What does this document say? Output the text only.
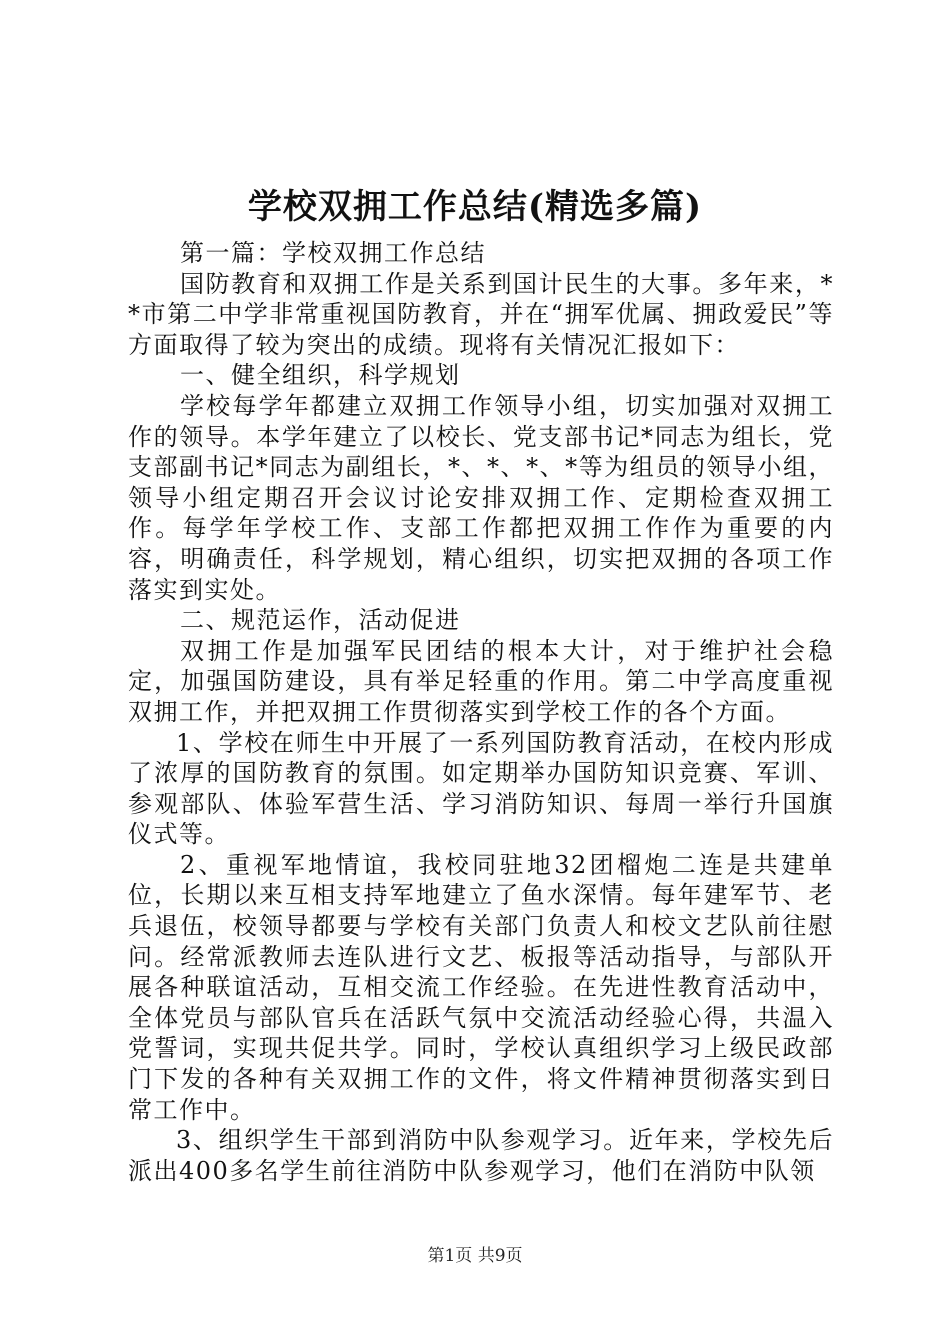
学校双拥工作总结(精选多篇)

第一篇：学校双拥工作总结

国防教育和双拥工作是关系到国计民生的大事。多年来，**市第二中学非常重视国防教育，并在“拥军优属、拥政爱民”等方面取得了较为突出的成绩。现将有关情况汇报如下：

一、健全组织，科学规划

学校每学年都建立双拥工作领导小组，切实加强对双拥工作的领导。本学年建立了以校长、党支部书记*同志为组长，党支部副书记*同志为副组长，*、*、*、*等为组员的领导小组，领导小组定期召开会议讨论安排双拥工作、定期检查双拥工作。每学年学校工作、支部工作都把双拥工作作为重要的内容，明确责任，科学规划，精心组织，切实把双拥的各项工作落实到实处。

二、规范运作，活动促进

双拥工作是加强军民团结的根本大计，对于维护社会稳定，加强国防建设，具有举足轻重的作用。第二中学高度重视双拥工作，并把双拥工作贯彻落实到学校工作的各个方面。

1、学校在师生中开展了一系列国防教育活动，在校内形成了浓厚的国防教育的氛围。如定期举办国防知识竞赛、军训、参观部队、体验军营生活、学习消防知识、每周一举行升国旗仪式等。

2、重视军地情谊，我校同驻地32团榴炮二连是共建单位，长期以来互相支持军地建立了鱼水深情。每年建军节、老兵退伍，校领导都要与学校有关部门负责人和校文艺队前往慰问。经常派教师去连队进行文艺、板报等活动指导，与部队开展各种联谊活动，互相交流工作经验。在先进性教育活动中，全体党员与部队官兵在活跃气氛中交流活动经验心得，共温入党誓词，实现共促共学。同时，学校认真组织学习上级民政部门下发的各种有关双拥工作的文件，将文件精神贯彻落实到日常工作中。

3、组织学生干部到消防中队参观学习。近年来，学校先后派出400多名学生前往消防中队参观学习，他们在消防中队领

第1页 共9页
